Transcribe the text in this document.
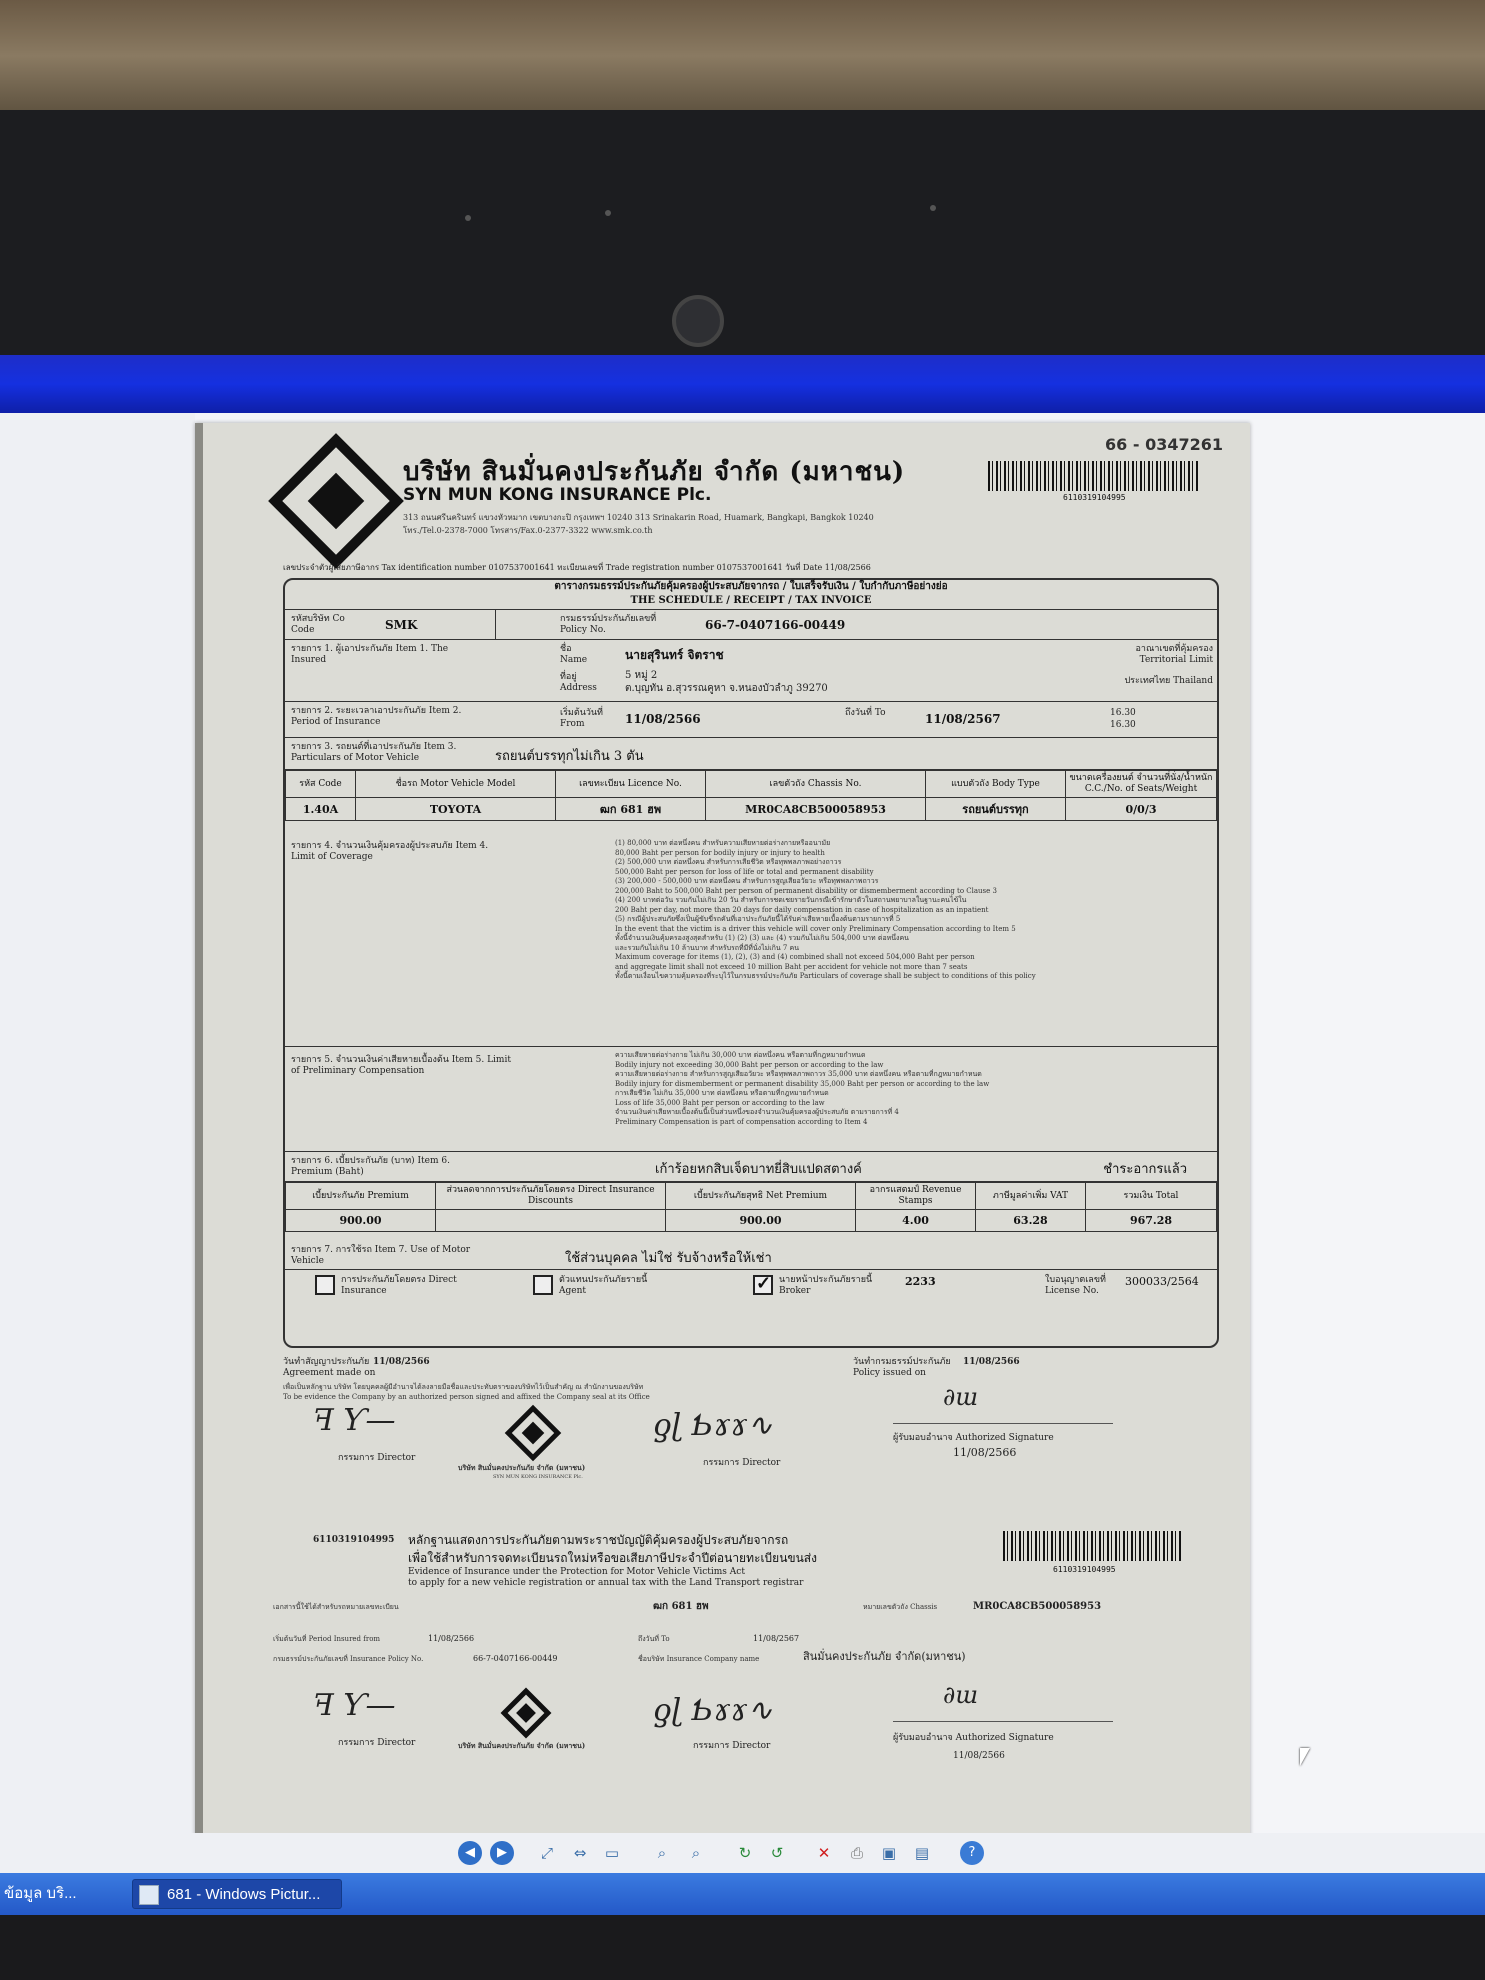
66 - 0347261
บริษัท สินมั่นคงประกันภัย จำกัด (มหาชน)
SYN MUN KONG INSURANCE Plc.
313 ถนนศรีนครินทร์ แขวงหัวหมาก เขตบางกะปิ กรุงเทพฯ 10240 313 Srinakarin Road, Huamark, Bangkapi, Bangkok 10240
โทร./Tel.0-2378-7000 โทรสาร/Fax.0-2377-3322 www.smk.co.th
6110319104995
เลขประจำตัวผู้เสียภาษีอากร Tax identification number 0107537001641 ทะเบียนเลขที่ Trade registration number 0107537001641 วันที่ Date 11/08/2566
ตารางกรมธรรม์ประกันภัยคุ้มครองผู้ประสบภัยจากรถ / ใบเสร็จรับเงิน / ใบกำกับภาษีอย่างย่อ
THE SCHEDULE / RECEIPT / TAX INVOICE
รหัสบริษัท Co Code	SMK	กรมธรรม์ประกันภัยเลขที่ Policy No.	66-7-0407166-00449
รายการ 1. ผู้เอาประกันภัย Item 1. The Insured
ชื่อ Name	นายสุรินทร์ จิตราช
ที่อยู่ Address
5 หมู่ 2
ต.บุญทัน อ.สุวรรณคูหา จ.หนองบัวลำภู 39270
อาณาเขตที่คุ้มครอง Territorial Limit
ประเทศไทย Thailand
รายการ 2. ระยะเวลาเอาประกันภัย Item 2. Period of Insurance
เริ่มต้นวันที่ From	11/08/2566	ถึงวันที่ To	11/08/2567	16.30
16.30
รายการ 3. รถยนต์ที่เอาประกันภัย Item 3. Particulars of Motor Vehicle	รถยนต์บรรทุกไม่เกิน 3 ตัน
รหัส Code	ชื่อรถ Motor Vehicle Model	เลขทะเบียน Licence No.	เลขตัวถัง Chassis No.	แบบตัวถัง Body Type	ขนาดเครื่องยนต์ จำนวนที่นั่ง/น้ำหนัก C.C./No. of Seats/Weight
1.40A	TOYOTA	ฒก 681 ฮพ	MR0CA8CB500058953	รถยนต์บรรทุก	0/0/3
รายการ 4. จำนวนเงินคุ้มครองผู้ประสบภัย Item 4. Limit of Coverage
(1) 80,000 บาท ต่อหนึ่งคน สำหรับความเสียหายต่อร่างกายหรืออนามัย
80,000 Baht per person for bodily injury or injury to health
(2) 500,000 บาท ต่อหนึ่งคน สำหรับการเสียชีวิต หรือทุพพลภาพอย่างถาวร
500,000 Baht per person for loss of life or total and permanent disability
(3) 200,000 - 500,000 บาท ต่อหนึ่งคน สำหรับการสูญเสียอวัยวะ หรือทุพพลภาพถาวร
200,000 Baht to 500,000 Baht per person of permanent disability or dismemberment according to Clause 3
(4) 200 บาทต่อวัน รวมกันไม่เกิน 20 วัน สำหรับการชดเชยรายวันกรณีเข้ารักษาตัวในสถานพยาบาลในฐานะคนไข้ใน
200 Baht per day, not more than 20 days for daily compensation in case of hospitalization as an inpatient
(5) กรณีผู้ประสบภัยซึ่งเป็นผู้ขับขี่รถคันที่เอาประกันภัยนี้ได้รับค่าเสียหายเบื้องต้นตามรายการที่ 5
In the event that the victim is a driver this vehicle will cover only Preliminary Compensation according to Item 5
ทั้งนี้จำนวนเงินคุ้มครองสูงสุดสำหรับ (1) (2) (3) และ (4) รวมกันไม่เกิน 504,000 บาท ต่อหนึ่งคน
และรวมกันไม่เกิน 10 ล้านบาท สำหรับรถที่มีที่นั่งไม่เกิน 7 คน
Maximum coverage for items (1), (2), (3) and (4) combined shall not exceed 504,000 Baht per person
and aggregate limit shall not exceed 10 million Baht per accident for vehicle not more than 7 seats
ทั้งนี้ตามเงื่อนไขความคุ้มครองที่ระบุไว้ในกรมธรรม์ประกันภัย Particulars of coverage shall be subject to conditions of this policy
รายการ 5. จำนวนเงินค่าเสียหายเบื้องต้น Item 5. Limit of Preliminary Compensation
ความเสียหายต่อร่างกาย ไม่เกิน 30,000 บาท ต่อหนึ่งคน หรือตามที่กฎหมายกำหนด
Bodily injury not exceeding 30,000 Baht per person or according to the law
ความเสียหายต่อร่างกาย สำหรับการสูญเสียอวัยวะ หรือทุพพลภาพถาวร 35,000 บาท ต่อหนึ่งคน หรือตามที่กฎหมายกำหนด
Bodily injury for dismemberment or permanent disability 35,000 Baht per person or according to the law
การเสียชีวิต ไม่เกิน 35,000 บาท ต่อหนึ่งคน หรือตามที่กฎหมายกำหนด
Loss of life 35,000 Baht per person or according to the law
จำนวนเงินค่าเสียหายเบื้องต้นนี้เป็นส่วนหนึ่งของจำนวนเงินคุ้มครองผู้ประสบภัย ตามรายการที่ 4
Preliminary Compensation is part of compensation according to Item 4
รายการ 6. เบี้ยประกันภัย (บาท) Item 6. Premium (Baht)	เก้าร้อยหกสิบเจ็ดบาทยี่สิบแปดสตางค์	ชำระอากรแล้ว
เบี้ยประกันภัย Premium	ส่วนลดจากการประกันภัยโดยตรง Direct Insurance Discounts	เบี้ยประกันภัยสุทธิ Net Premium	อากรแสตมป์ Revenue Stamps	ภาษีมูลค่าเพิ่ม VAT	รวมเงิน Total
900.00		900.00	4.00	63.28	967.28
รายการ 7. การใช้รถ Item 7. Use of Motor Vehicle	ใช้ส่วนบุคคล ไม่ใช่ รับจ้างหรือให้เช่า
การประกันภัยโดยตรง Direct Insurance
ตัวแทนประกันภัยรายนี้ Agent
✓
นายหน้าประกันภัยรายนี้ Broker
2233	ใบอนุญาตเลขที่ License No.
300033/2564
วันทำสัญญาประกันภัย Agreement made on
11/08/2566	วันทำกรมธรรม์ประกันภัย Policy issued on
11/08/2566
เพื่อเป็นหลักฐาน บริษัท โดยบุคคลผู้มีอำนาจได้ลงลายมือชื่อและประทับตราของบริษัทไว้เป็นสำคัญ ณ สำนักงานของบริษัท
To be evidence the Company by an authorized person signed and affixed the Company seal at its Office
ꟻ ⁠Ƴ—
กรรมการ Director
บริษัท สินมั่นคงประกันภัย จำกัด (มหาชน)
SYN MUN KONG INSURANCE Plc.
ƍɭ Ƅɤɤ∿
กรรมการ Director
∂ɯ
ผู้รับมอบอำนาจ Authorized Signature
11/08/2566
6110319104995 หลักฐานแสดงการประกันภัยตามพระราชบัญญัติคุ้มครองผู้ประสบภัยจากรถ
เพื่อใช้สำหรับการจดทะเบียนรถใหม่หรือขอเสียภาษีประจำปีต่อนายทะเบียนขนส่ง
Evidence of Insurance under the Protection for Motor Vehicle Victims Act
to apply for a new vehicle registration or annual tax with the Land Transport registrar
6110319104995
เอกสารนี้ใช้ได้สำหรับรถหมายเลขทะเบียน	ฒก 681 ฮพ	หมายเลขตัวถัง Chassis	MR0CA8CB500058953
เริ่มต้นวันที่ Period Insured from	11/08/2566	ถึงวันที่ To	11/08/2567
กรมธรรม์ประกันภัยเลขที่ Insurance Policy No.	66-7-0407166-00449	ชื่อบริษัท Insurance Company name	สินมั่นคงประกันภัย จำกัด(มหาชน)
ꟻ ⁠Ƴ—
กรรมการ Director	บริษัท สินมั่นคงประกันภัย จำกัด (มหาชน)
ƍɭ Ƅɤɤ∿
กรรมการ Director
∂ɯ
ผู้รับมอบอำนาจ Authorized Signature
11/08/2566
◀	▶	⤢	⇔	▭	⌕	⌕	↻	↺	✕	⎙	▣	▤	?
ข้อมูล บริ...	681 - Windows Pictur...
